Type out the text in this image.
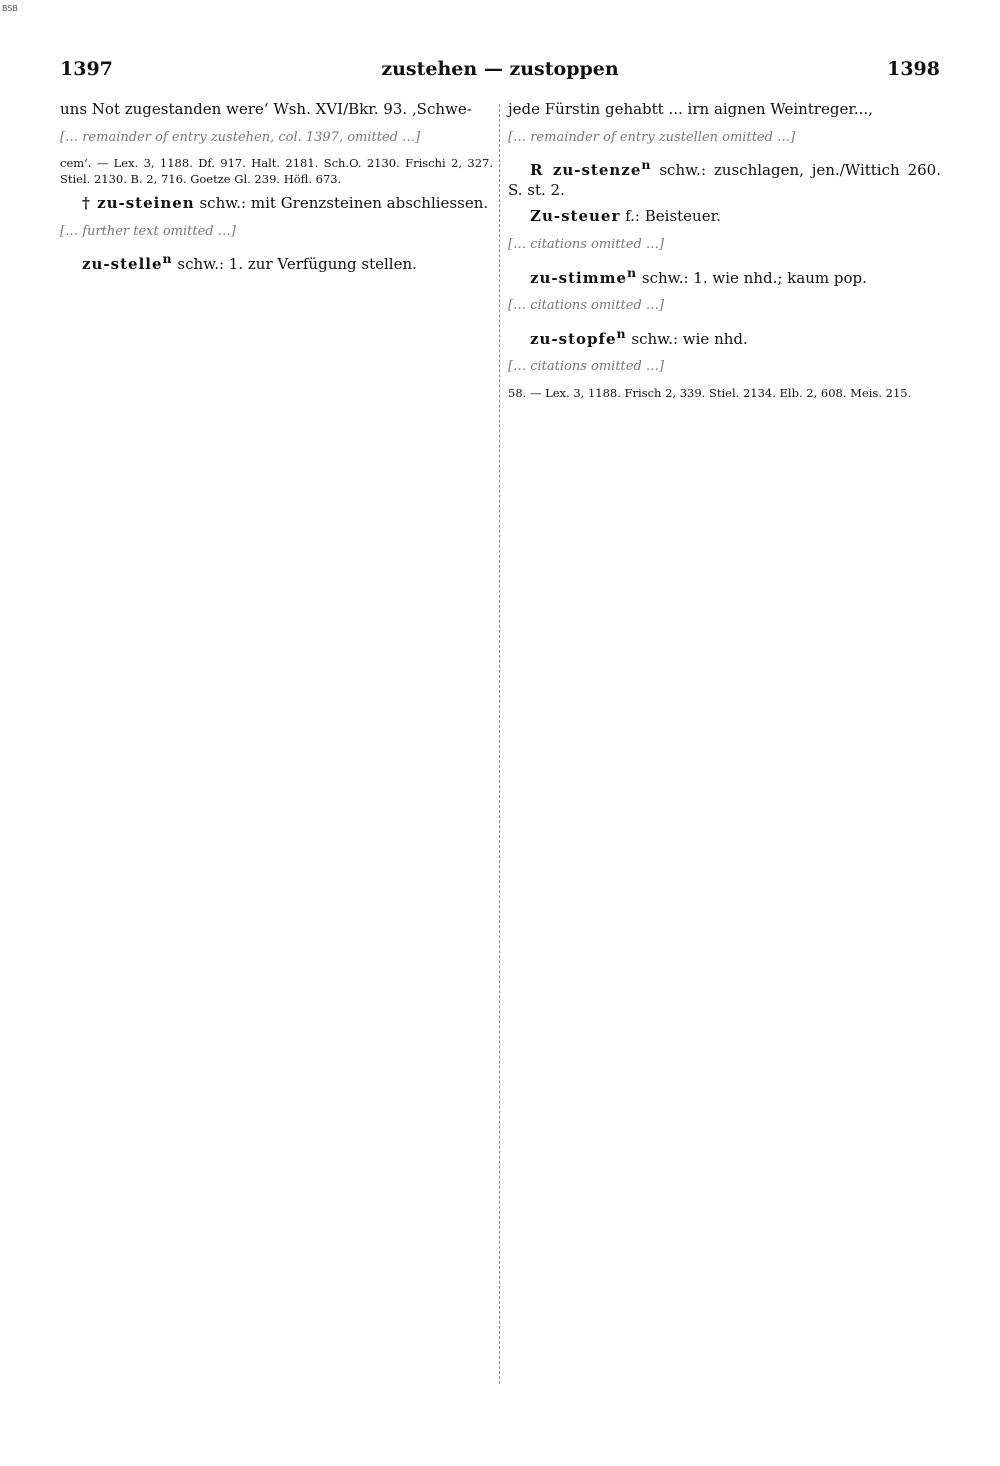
BSB
1397	zustehen — zustoppen	1398

uns Not zugestanden were‘ Wsh. XVI/Bkr. 93. ‚Schwe-

[… remainder of entry zustehen, col. 1397, omitted …]

cem‘. — Lex. 3, 1188. Df. 917. Halt. 2181. Sch.O. 2130. Frischi 2, 327. Stiel. 2130. B. 2, 716. Goetze Gl. 239. Höfl. 673.

† zu-steinen schw.: mit Grenzsteinen abschliessen.

[… further text omitted …]

zu-stelle$^n$ schw.: 1. zur Verfügung stellen.

jede Fürstin gehabtt ... irn aignen Weintreger...,

[… remainder of entry zustellen omitted …]

R zu-stenze$^n$ schw.: zuschlagen, jen./Wittich 260. S. st. 2.

Zu-steuer f.: Beisteuer.

[… citations omitted …]

zu-stimme$^n$ schw.: 1. wie nhd.; kaum pop.

[… citations omitted …]

zu-stopfe$^n$ schw.: wie nhd.

[… citations omitted …]

58. — Lex. 3, 1188. Frisch 2, 339. Stiel. 2134. Elb. 2, 608. Meis. 215.
